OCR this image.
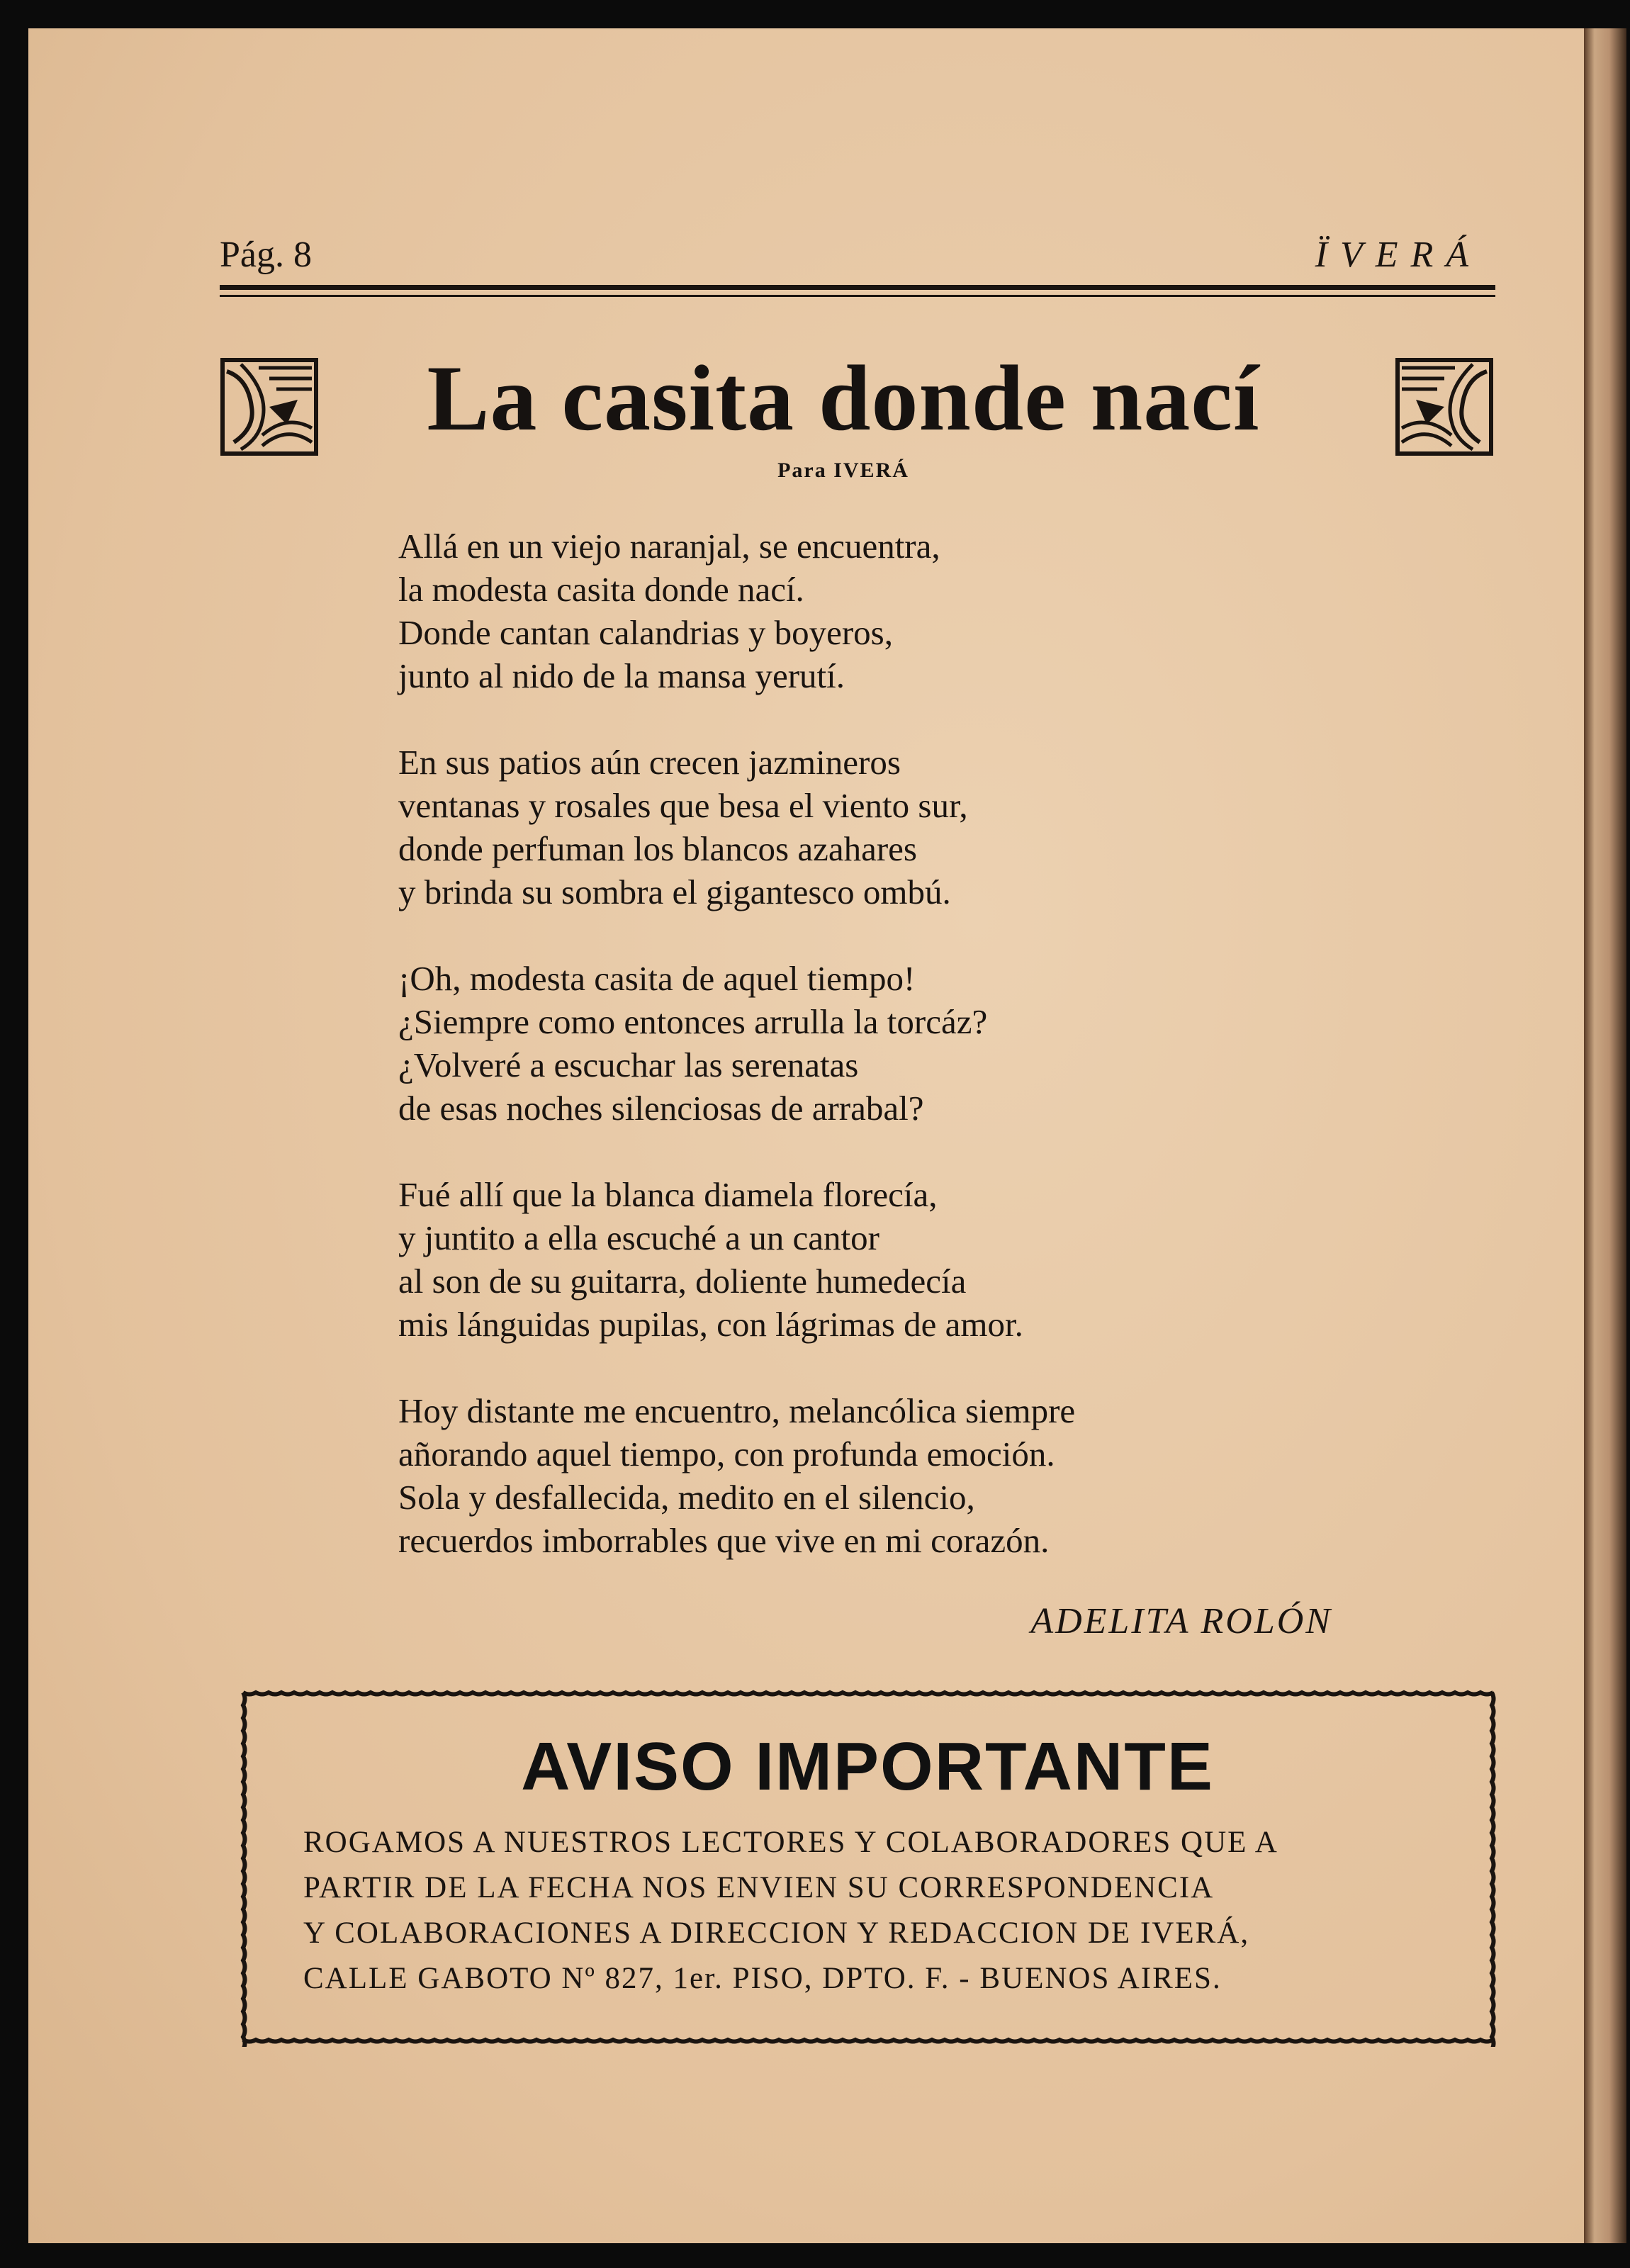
Pág. 8	ÏVERÁ
La casita donde nací
Para IVERÁ
Allá en un viejo naranjal, se encuentra,
la modesta casita donde nací.
Donde cantan calandrias y boyeros,
junto al nido de la mansa yerutí.
En sus patios aún crecen jazmineros
ventanas y rosales que besa el viento sur,
donde perfuman los blancos azahares
y brinda su sombra el gigantesco ombú.
¡Oh, modesta casita de aquel tiempo!
¿Siempre como entonces arrulla la torcáz?
¿Volveré a escuchar las serenatas
de esas noches silenciosas de arrabal?
Fué allí que la blanca diamela florecía,
y juntito a ella escuché a un cantor
al son de su guitarra, doliente humedecía
mis lánguidas pupilas, con lágrimas de amor.
Hoy distante me encuentro, melancólica siempre
añorando aquel tiempo, con profunda emoción.
Sola y desfallecida, medito en el silencio,
recuerdos imborrables que vive en mi corazón.
ADELITA ROLÓN
AVISO IMPORTANTE
ROGAMOS A NUESTROS LECTORES Y COLABORADORES QUE A
PARTIR DE LA FECHA NOS ENVIEN SU CORRESPONDENCIA
Y COLABORACIONES A DIRECCION Y REDACCION DE IVERÁ,
CALLE GABOTO Nº 827, 1er. PISO, DPTO. F. - BUENOS AIRES.
